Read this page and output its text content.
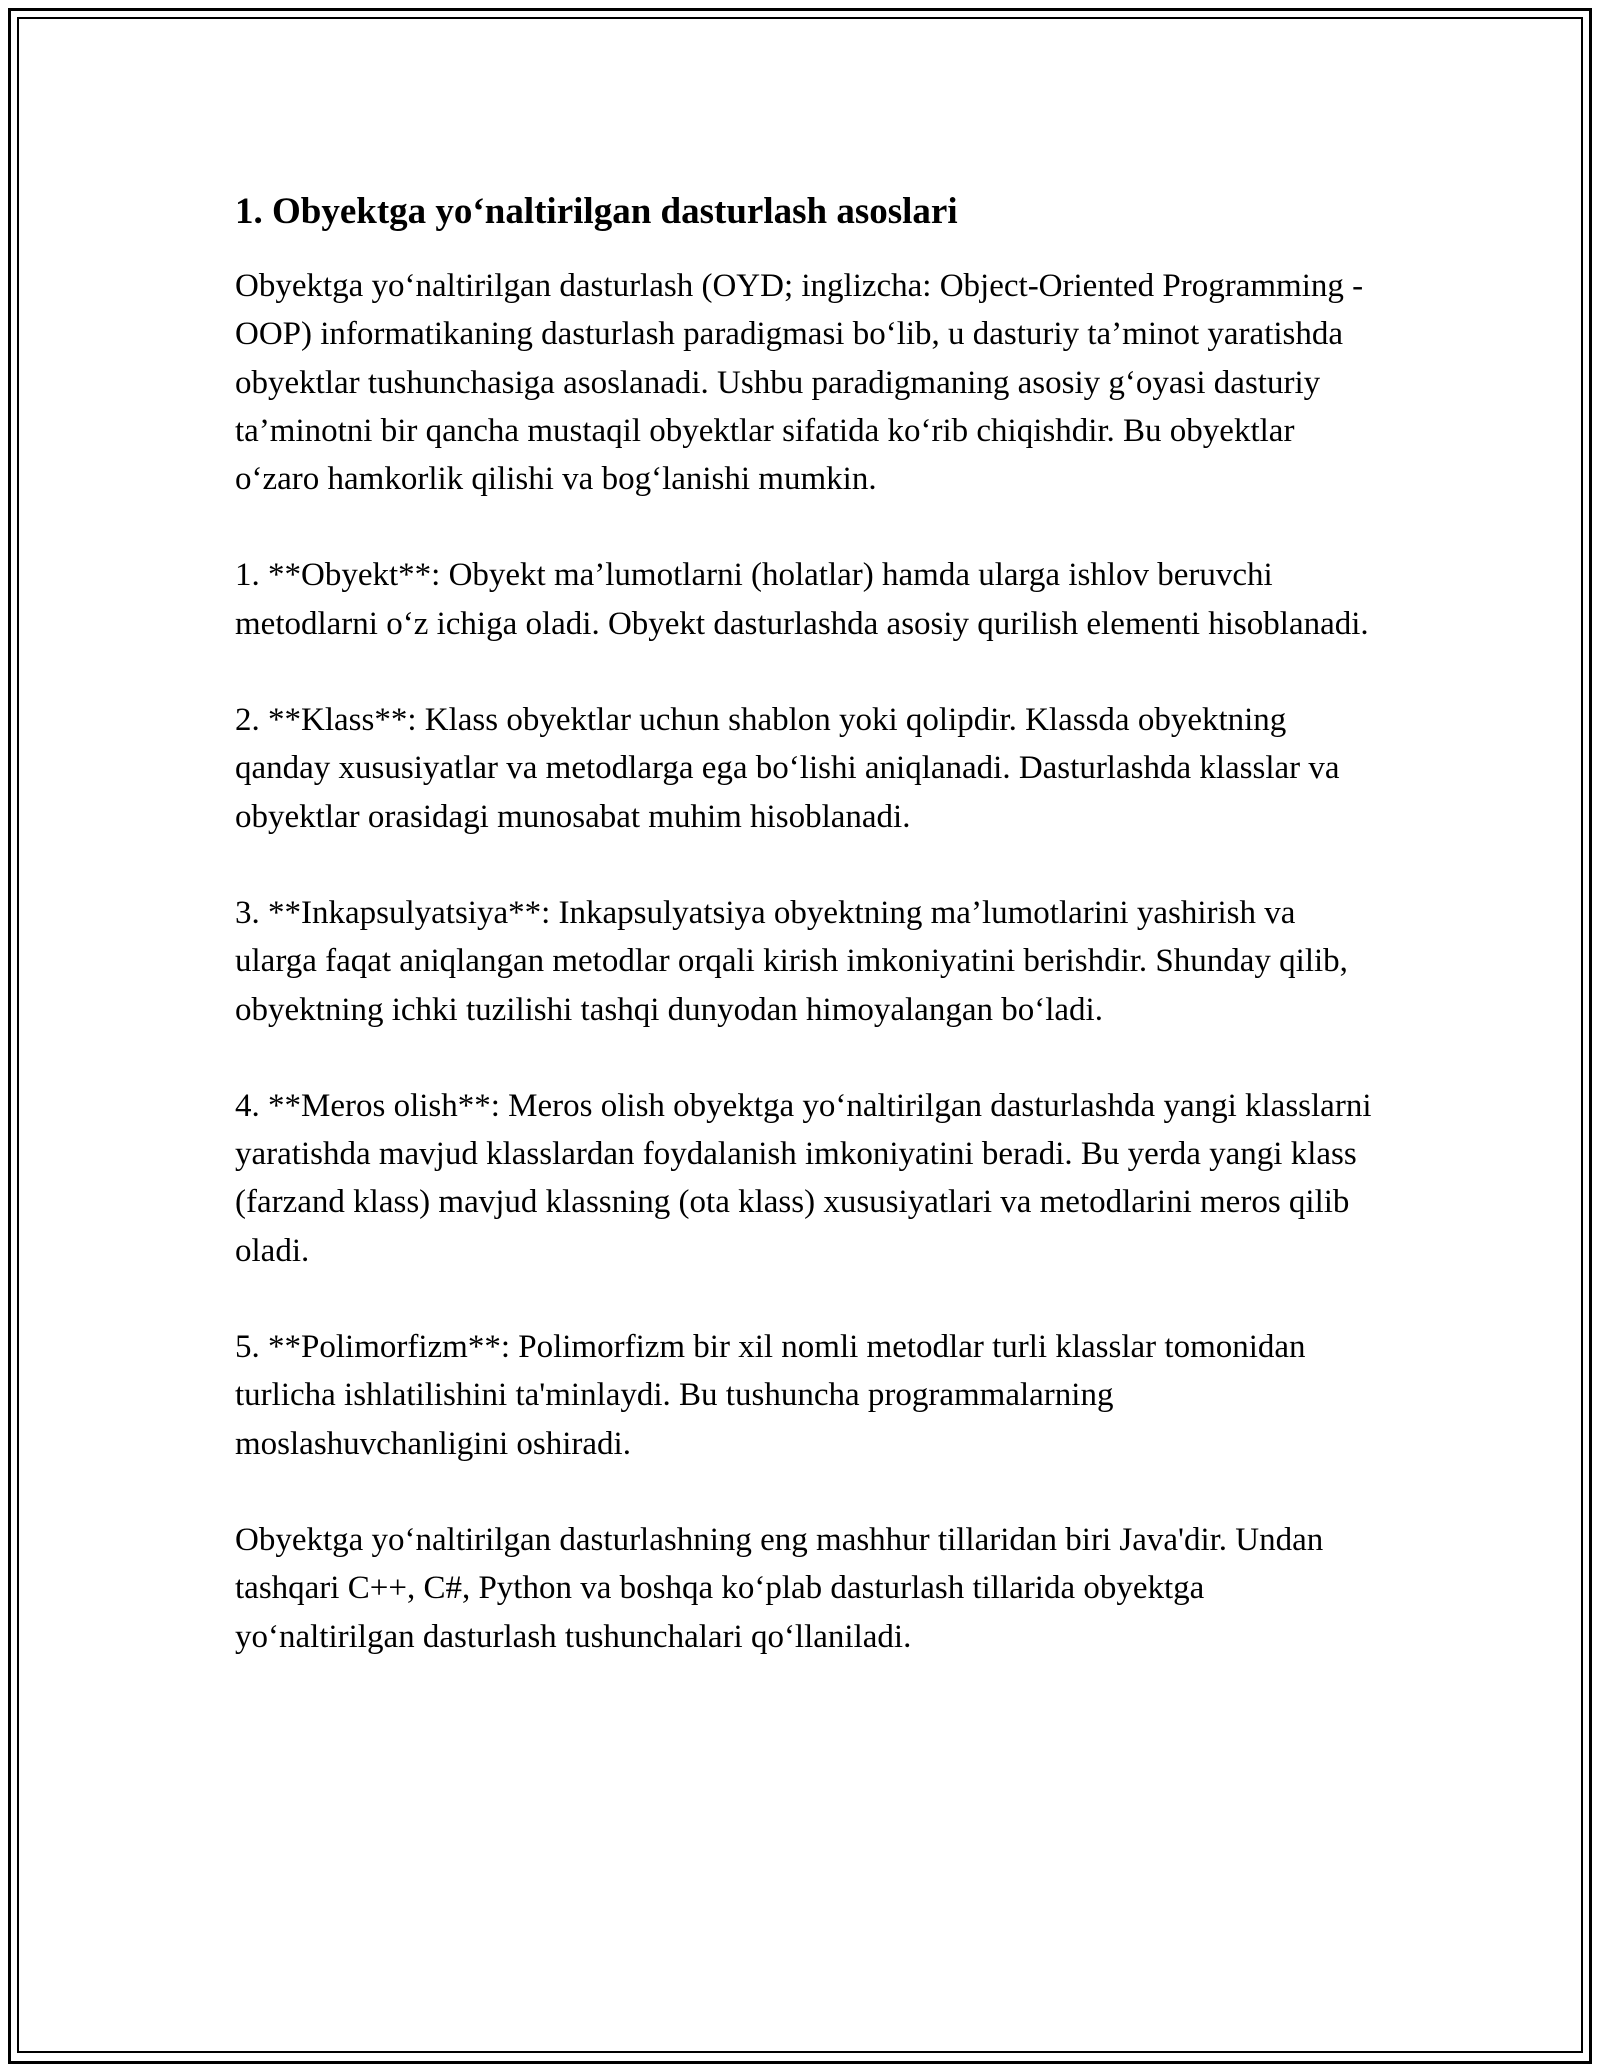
1. Obyektga yo‘naltirilgan dasturlash asoslari

Obyektga yo‘naltirilgan dasturlash (OYD; inglizcha: Object-Oriented Programming - OOP) informatikaning dasturlash paradigmasi bo‘lib, u dasturiy ta’minot yaratishda obyektlar tushunchasiga asoslanadi. Ushbu paradigmaning asosiy g‘oyasi dasturiy ta’minotni bir qancha mustaqil obyektlar sifatida ko‘rib chiqishdir. Bu obyektlar o‘zaro hamkorlik qilishi va bog‘lanishi mumkin.

1. **Obyekt**: Obyekt ma’lumotlarni (holatlar) hamda ularga ishlov beruvchi metodlarni o‘z ichiga oladi. Obyekt dasturlashda asosiy qurilish elementi hisoblanadi.

2. **Klass**: Klass obyektlar uchun shablon yoki qolipdir. Klassda obyektning qanday xususiyatlar va metodlarga ega bo‘lishi aniqlanadi. Dasturlashda klasslar va obyektlar orasidagi munosabat muhim hisoblanadi.

3. **Inkapsulyatsiya**: Inkapsulyatsiya obyektning ma’lumotlarini yashirish va ularga faqat aniqlangan metodlar orqali kirish imkoniyatini berishdir. Shunday qilib, obyektning ichki tuzilishi tashqi dunyodan himoyalangan bo‘ladi.

4. **Meros olish**: Meros olish obyektga yo‘naltirilgan dasturlashda yangi klasslarni yaratishda mavjud klasslardan foydalanish imkoniyatini beradi. Bu yerda yangi klass (farzand klass) mavjud klassning (ota klass) xususiyatlari va metodlarini meros qilib oladi.

5. **Polimorfizm**: Polimorfizm bir xil nomli metodlar turli klasslar tomonidan turlicha ishlatilishini ta'minlaydi. Bu tushuncha programmalarning moslashuvchanligini oshiradi.

Obyektga yo‘naltirilgan dasturlashning eng mashhur tillaridan biri Java'dir. Undan tashqari C++, C#, Python va boshqa ko‘plab dasturlash tillarida obyektga yo‘naltirilgan dasturlash tushunchalari qo‘llaniladi.
